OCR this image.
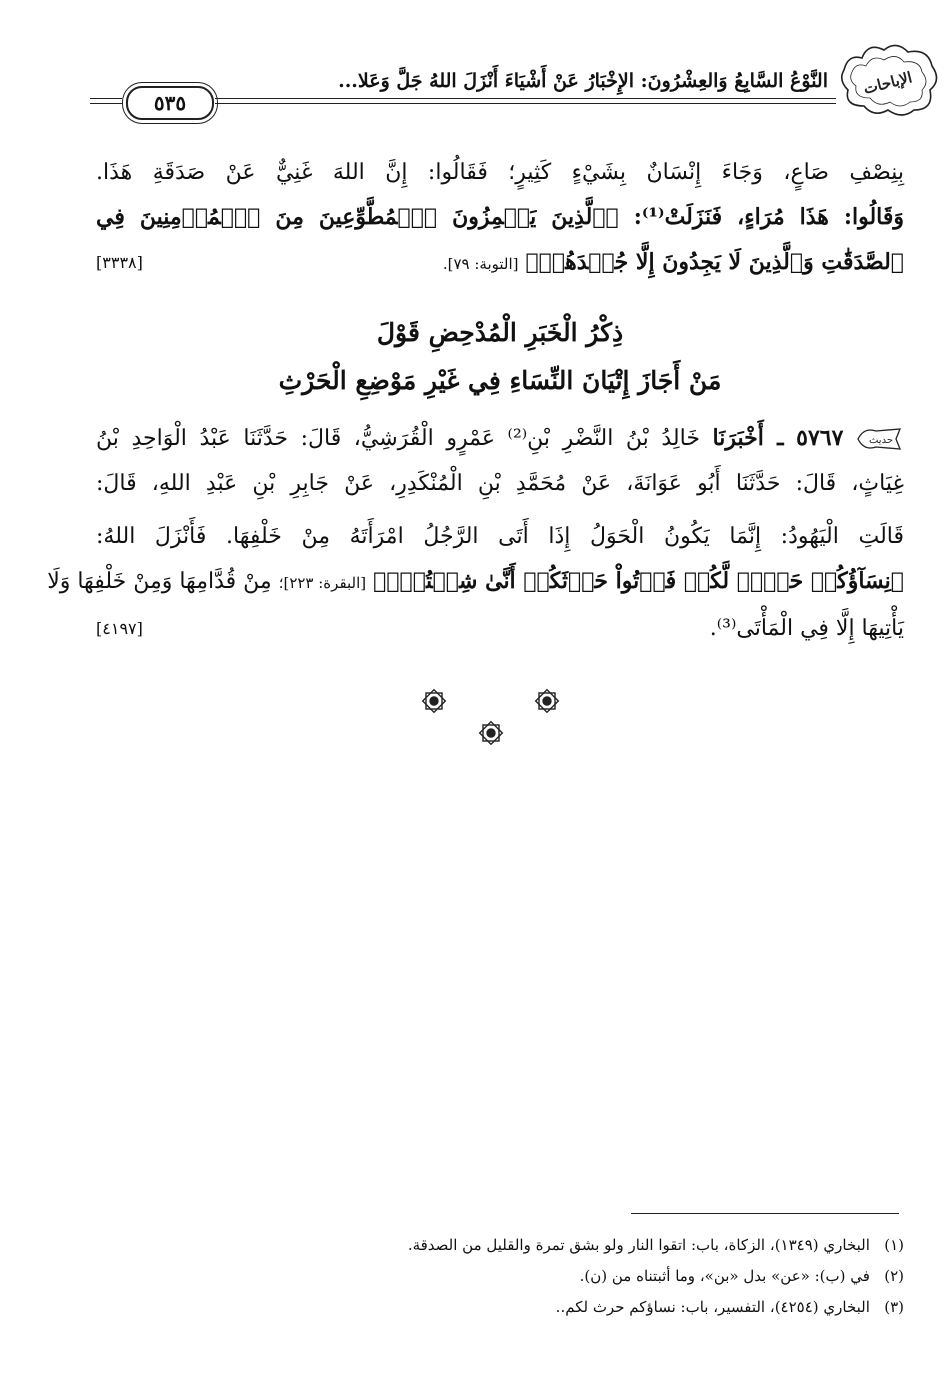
٥٣٥
النَّوْعُ السَّابِعُ وَالعِشْرُونَ: الإِخْبَارُ عَنْ أَشْيَاءَ أَنْزَلَ اللهُ جَلَّ وَعَلا... الإباحات
بِنِصْفِ صَاعٍ، وَجَاءَ إِنْسَانٌ بِشَيْءٍ كَثِيرٍ؛ فَقَالُوا: إِنَّ اللهَ غَنِيٌّ عَنْ صَدَقَةِ هَذَا.
وَقَالُوا: هَذَا مُرَاءٍ، فَنَزَلَتْ⁽¹⁾: ﴿ٱلَّذِينَ يَلۡمِزُونَ ٱلۡمُطَّوِّعِينَ مِنَ ٱلۡمُؤۡمِنِينَ فِي
ٱلصَّدَقَٰتِ وَٱلَّذِينَ لَا يَجِدُونَ إِلَّا جُهۡدَهُمۡ﴾ [التوبة: ٧٩].
[٣٣٣٨]
ذِكْرُ الْخَبَرِ الْمُدْحِضِ قَوْلَ
مَنْ أَجَازَ إِتْيَانَ النِّسَاءِ فِي غَيْرِ مَوْضِعِ الْحَرْثِ
حديث
٥٧٦٧ ـ أَخْبَرَنَا خَالِدُ بْنُ النَّضْرِ بْنِ⁽²⁾ عَمْرٍو الْقُرَشِيُّ، قَالَ: حَدَّثَنَا عَبْدُ الْوَاحِدِ بْنُ
غِيَاثٍ، قَالَ: حَدَّثَنَا أَبُو عَوَانَةَ، عَنْ مُحَمَّدِ بْنِ الْمُنْكَدِرِ، عَنْ جَابِرِ بْنِ عَبْدِ اللهِ، قَالَ:
قَالَتِ الْيَهُودُ: إِنَّمَا يَكُونُ الْحَوَلُ إِذَا أَتَى الرَّجُلُ امْرَأَتَهُ مِنْ خَلْفِهَا. فَأَنْزَلَ اللهُ:
﴿نِسَآؤُكُمۡ حَرۡثٞ لَّكُمۡ فَأۡتُواْ حَرۡثَكُمۡ أَنَّىٰ شِئۡتُمۡۖ﴾ [البقرة: ٢٢٣]؛ مِنْ قُدَّامِهَا وَمِنْ خَلْفِهَا وَلَا
يَأْتِيهَا إِلَّا فِي الْمَأْتَى⁽³⁾.
[٤١٩٧]
(١)   البخاري (١٣٤٩)، الزكاة، باب: اتقوا النار ولو بشق تمرة والقليل من الصدقة.
(٢)   في (ب): «عن» بدل «بن»، وما أثبتناه من (ن).
(٣)   البخاري (٤٢٥٤)، التفسير، باب: نساؤكم حرث لكم..
